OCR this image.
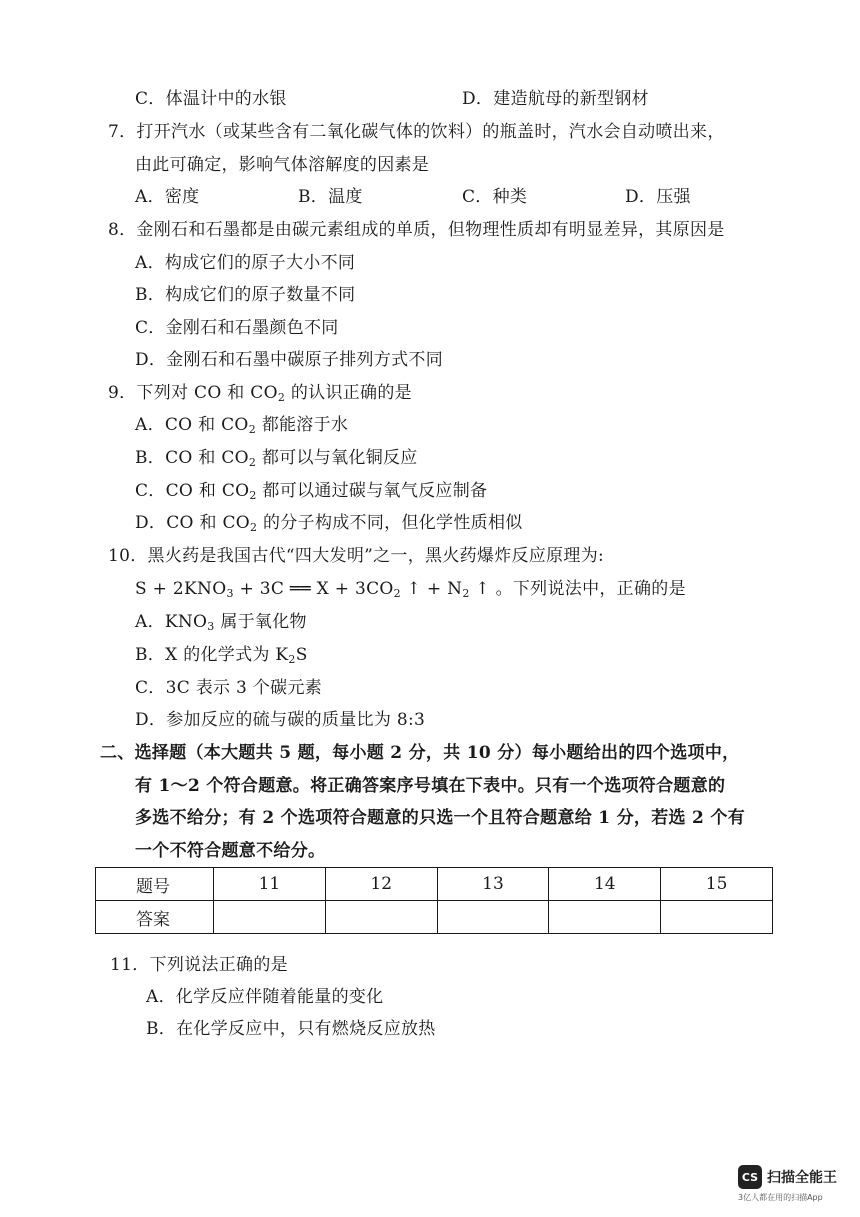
C．体温计中的水银	D．建造航母的新型钢材
7．打开汽水（或某些含有二氧化碳气体的饮料）的瓶盖时，汽水会自动喷出来，
由此可确定，影响气体溶解度的因素是
A．密度	B．温度	C．种类	D．压强
8．金刚石和石墨都是由碳元素组成的单质，但物理性质却有明显差异，其原因是
A．构成它们的原子大小不同
B．构成它们的原子数量不同
C．金刚石和石墨颜色不同
D．金刚石和石墨中碳原子排列方式不同
9．下列对 CO 和 $CO_2$ 的认识正确的是
A．CO 和 $CO_2$ 都能溶于水
B．CO 和 $CO_2$ 都可以与氧化铜反应
C．CO 和 $CO_2$ 都可以通过碳与氧气反应制备
D．CO 和 $CO_2$ 的分子构成不同，但化学性质相似
10．黑火药是我国古代“四大发明”之一，黑火药爆炸反应原理为:
$S + 2KNO_3 + 3C$ ══ $X + 3CO_2$ ↑ + $N_2$ ↑ 。下列说法中，正确的是
A．$KNO_3$ 属于氧化物
B．X 的化学式为 $K_2S$
C．3C 表示 3 个碳元素
D．参加反应的硫与碳的质量比为 8:3
二、选择题（本大题共 5 题，每小题 2 分，共 10 分）每小题给出的四个选项中，
有 1～2 个符合题意。将正确答案序号填在下表中。只有一个选项符合题意的
多选不给分；有 2 个选项符合题意的只选一个且符合题意给 1 分，若选 2 个有
一个不符合题意不给分。
题号	11	12	13	14	15
答案					
11．下列说法正确的是
A．化学反应伴随着能量的变化
B．在化学反应中，只有燃烧反应放热
CS 扫描全能王
3亿人都在用的扫描App
